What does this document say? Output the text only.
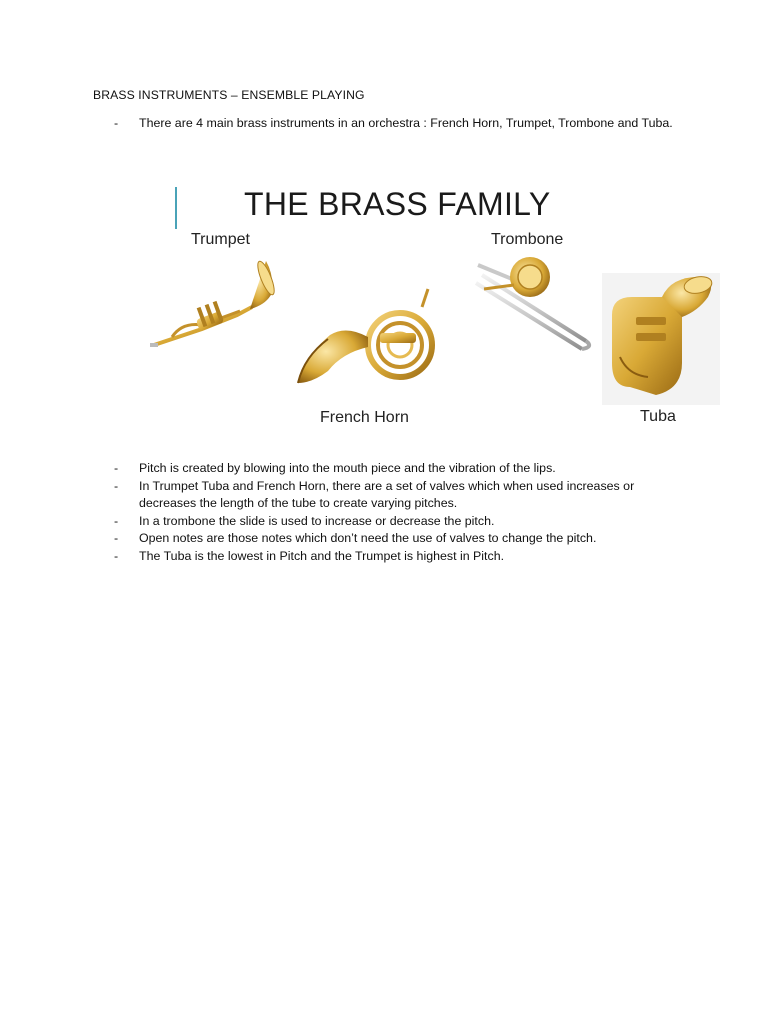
BRASS INSTRUMENTS – ENSEMBLE PLAYING
- There are 4 main brass instruments in an orchestra : French Horn, Trumpet, Trombone and Tuba.
THE BRASS FAMILY
Trumpet	Trombone
French Horn	Tuba
- Pitch is created by blowing into the mouth piece and the vibration of the lips.
- In Trumpet Tuba and French Horn, there are a set of valves which when used increases or decreases the length of the tube to create varying pitches.
- In a trombone the slide is used to increase or decrease the pitch.
- Open notes are those notes which don’t need the use of valves to change the pitch.
- The Tuba is the lowest in Pitch and the Trumpet is highest in Pitch.
